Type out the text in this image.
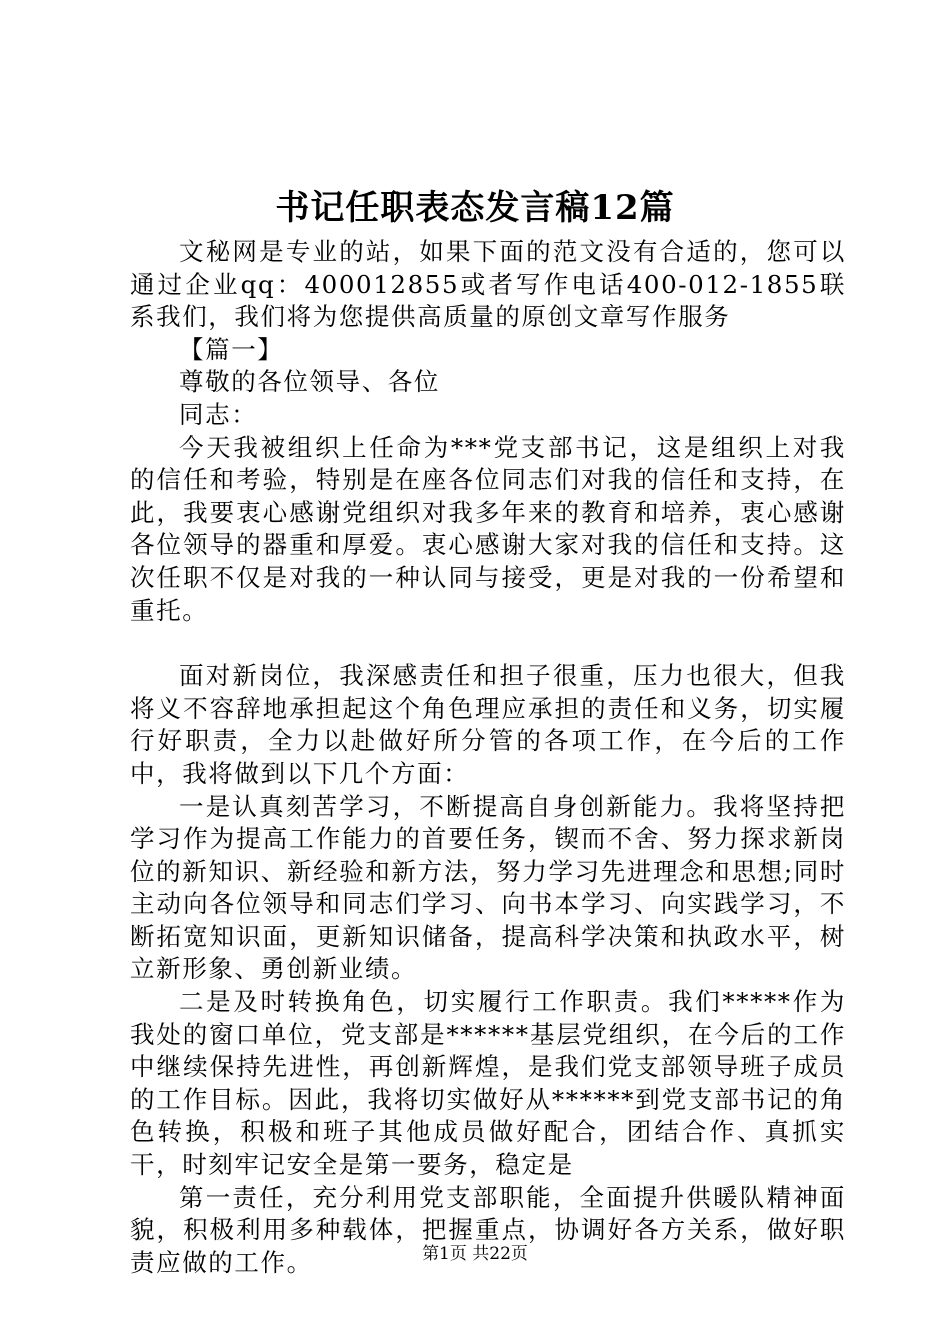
书记任职表态发言稿12篇

文秘网是专业的站，如果下面的范文没有合适的，您可以通过企业qq：400012855或者写作电话400-012-1855联系我们，我们将为您提供高质量的原创文章写作服务

【篇一】

尊敬的各位领导、各位

同志：

今天我被组织上任命为***党支部书记，这是组织上对我的信任和考验，特别是在座各位同志们对我的信任和支持，在此，我要衷心感谢党组织对我多年来的教育和培养，衷心感谢各位领导的器重和厚爱。衷心感谢大家对我的信任和支持。这次任职不仅是对我的一种认同与接受，更是对我的一份希望和重托。

面对新岗位，我深感责任和担子很重，压力也很大，但我将义不容辞地承担起这个角色理应承担的责任和义务，切实履行好职责，全力以赴做好所分管的各项工作，在今后的工作中，我将做到以下几个方面：

一是认真刻苦学习，不断提高自身创新能力。我将坚持把学习作为提高工作能力的首要任务，锲而不舍、努力探求新岗位的新知识、新经验和新方法，努力学习先进理念和思想;同时主动向各位领导和同志们学习、向书本学习、向实践学习，不断拓宽知识面，更新知识储备，提高科学决策和执政水平，树立新形象、勇创新业绩。

二是及时转换角色，切实履行工作职责。我们*****作为我处的窗口单位，党支部是******基层党组织，在今后的工作中继续保持先进性，再创新辉煌，是我们党支部领导班子成员的工作目标。因此，我将切实做好从******到党支部书记的角色转换，积极和班子其他成员做好配合，团结合作、真抓实干，时刻牢记安全是第一要务，稳定是

第一责任，充分利用党支部职能，全面提升供暖队精神面貌，积极利用多种载体，把握重点，协调好各方关系，做好职责应做的工作。	第1页 共22页
